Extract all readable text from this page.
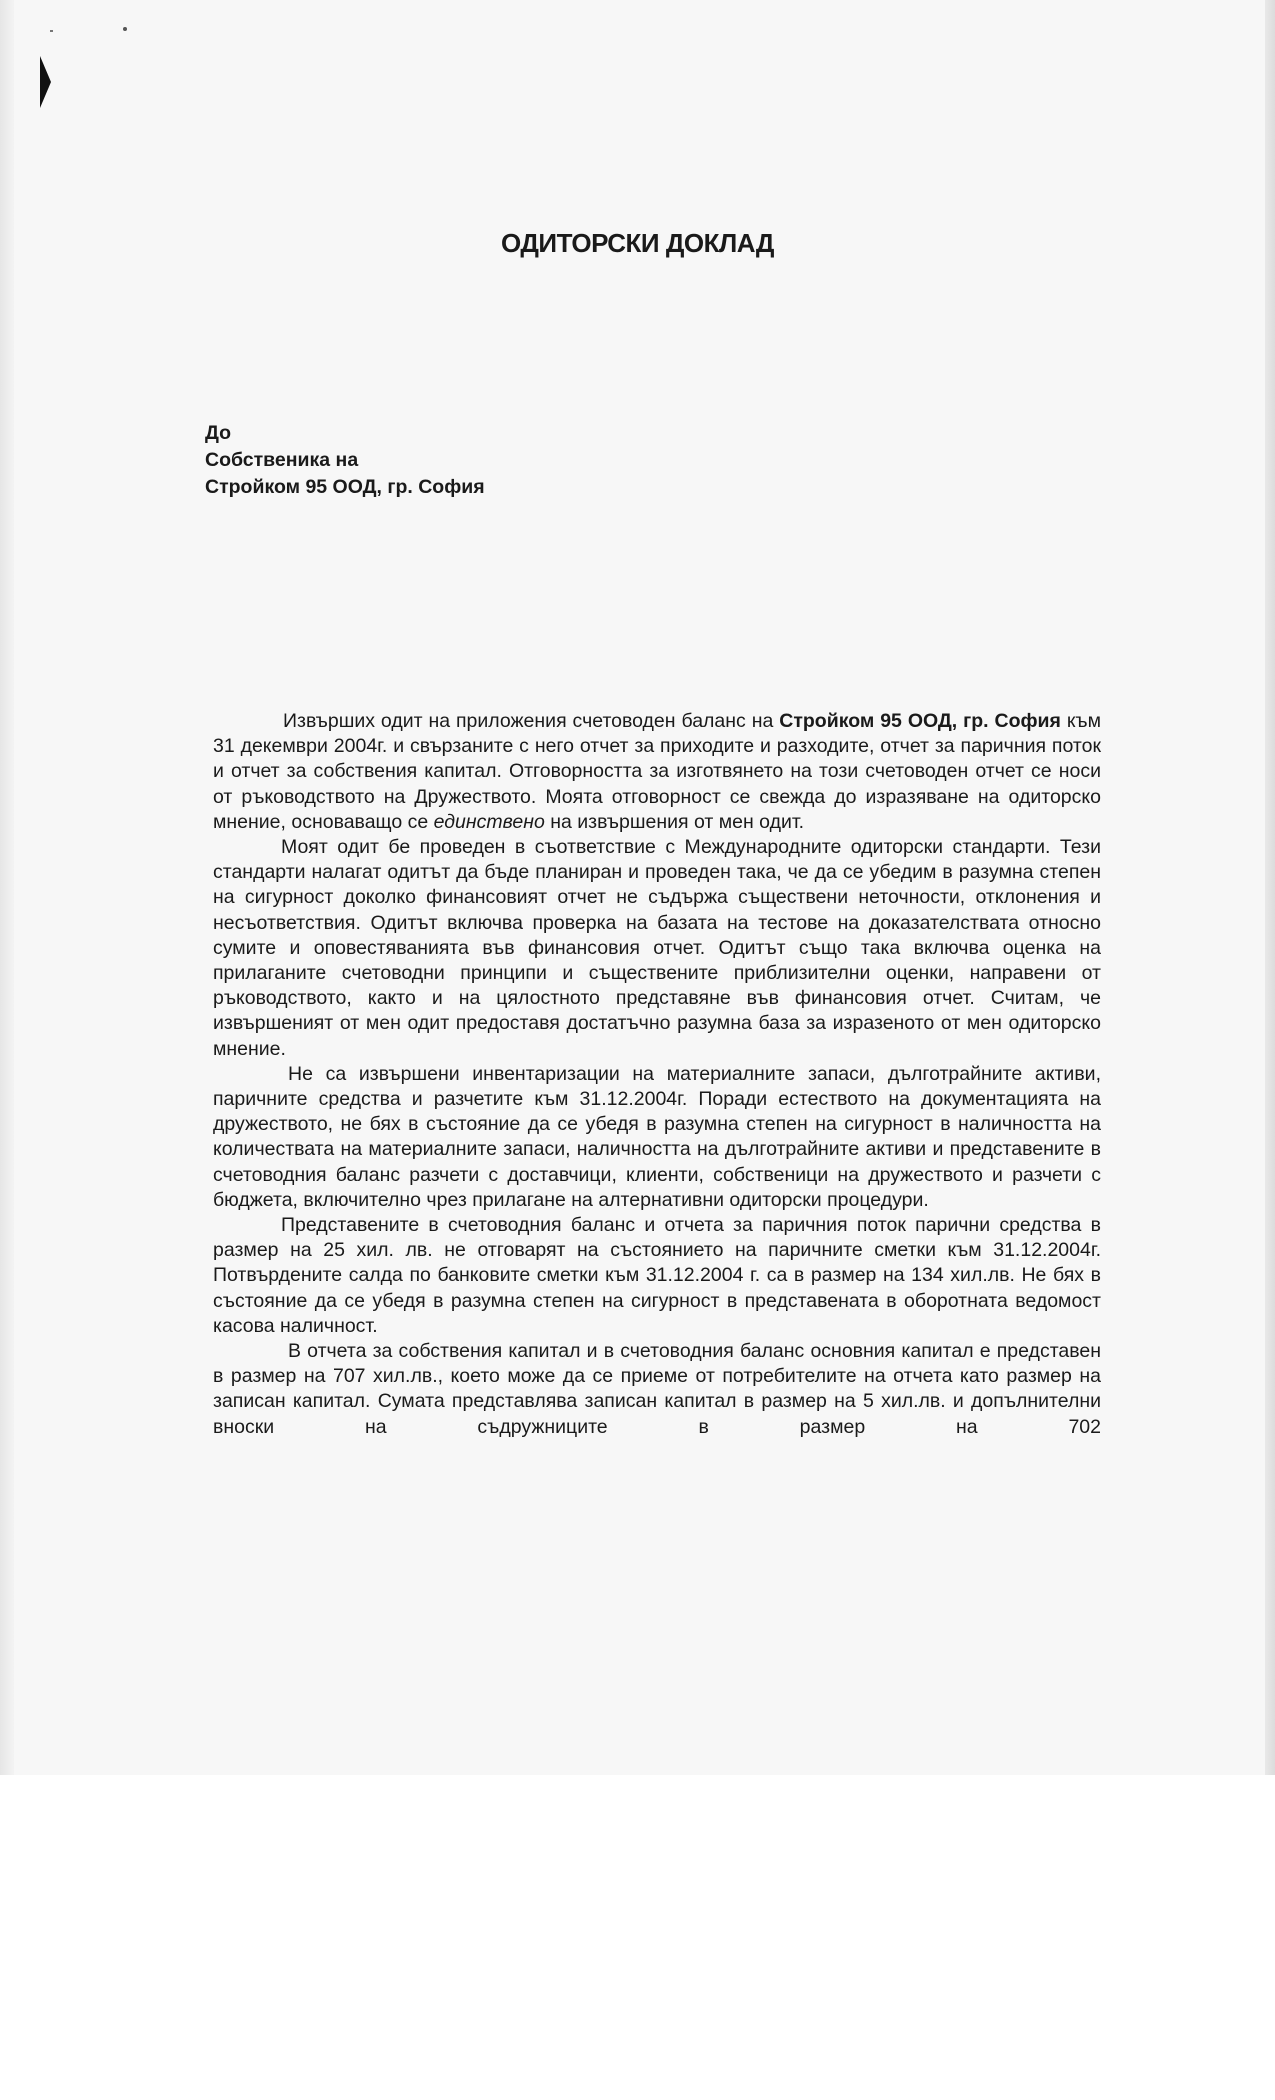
ОДИТОРСКИ ДОКЛАД
До
Собственика на
Стройком 95 ООД, гр. София

Извърших одит на приложения счетоводен баланс на Стройком 95 ООД, гр. София към 31 декември 2004г. и свързаните с него отчет за приходите и разходите, отчет за паричния поток и отчет за собствения капитал. Отговорността за изготвянето на този счетоводен отчет се носи от ръководството на Дружеството. Моята отговорност се свежда до изразяване на одиторско мнение, основаващо се единствено на извършения от мен одит.

Моят одит бе проведен в съответствие с Международните одиторски стандарти. Тези стандарти налагат одитът да бъде планиран и проведен така, че да се убедим в разумна степен на сигурност доколко финансовият отчет не съдържа съществени неточности, отклонения и несъответствия. Одитът включва проверка на базата на тестове на доказателствата относно сумите и оповестяванията във финансовия отчет. Одитът също така включва оценка на прилаганите счетоводни принципи и съществените приблизителни оценки, направени от ръководството, както и на цялостното представяне във финансовия отчет. Считам, че извършеният от мен одит предоставя достатъчно разумна база за изразеното от мен одиторско мнение.

Не са извършени инвентаризации на материалните запаси, дълготрайните активи, паричните средства и разчетите към 31.12.2004г. Поради естеството на документацията на дружеството, не бях в състояние да се убедя в разумна степен на сигурност в наличността на количествата на материалните запаси, наличността на дълготрайните активи и представените в счетоводния баланс разчети с доставчици, клиенти, собственици на дружеството и разчети с бюджета, включително чрез прилагане на алтернативни одиторски процедури.

Представените в счетоводния баланс и отчета за паричния поток парични средства в размер на 25 хил. лв. не отговарят на състоянието на паричните сметки към 31.12.2004г. Потвърдените салда по банковите сметки към 31.12.2004 г. са в размер на 134 хил.лв. Не бях в състояние да се убедя в разумна степен на сигурност в представената в оборотната ведомост касова наличност.

В отчета за собствения капитал и в счетоводния баланс основния капитал е представен в размер на 707 хил.лв., което може да се приеме от потребителите на отчета като размер на записан капитал. Сумата представлява записан капитал в размер на 5 хил.лв. и допълнителни вноски на съдружниците в размер на 702
